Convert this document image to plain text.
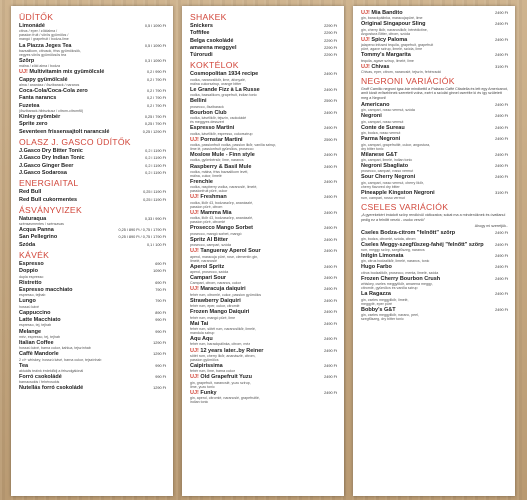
ÜDÍTŐK
Limonádé	0,5 l 1090 Ft
citrus / eper / zöldalma /
passion fruit / vörös gyümölcs /
mangó / grapefruit / bodza-lime
La Piazza Jeges Tea	0,5 l 1090 Ft
bazsalikom, citrusok, friss gyümölcsök,
vegyes vörös gyümölcsös tea
Szörp	0,3 l 1090 Ft
málna / zöld alma / bodza
ÚJ! Multivitamin mix gyümölcslé	0,2 l 990 Ft
Cappy gyümölcslé	0,2 l 790 Ft
alma / ananász / őszibarack / narancs
Coca-Cola/Coca-Cola zero	0,2 l 790 Ft
Fanta narancs	0,2 l 790 Ft
Fuzetea	0,2 l 790 Ft
(őszibarack-hibiszkusz / citrom-citromfű)
Kinley gyömbér	0,25 l 790 Ft
Sprite zero	0,25 l 790 Ft
Seventeen frissensajtolt narancslé	0,25 l 1290 Ft
OLASZ J. GASCO ÜDÍTŐK
J.Gasco Dry Bitter Tonic	0,2 l 1190 Ft
J.Gasco Dry Indian Tonic	0,2 l 1190 Ft
J.Gasco Ginger Beer	0,2 l 1190 Ft
J.Gasco Sodarosa	0,2 l 1190 Ft
ENERGIAITAL
Red Bull	0,25 l 1190 Ft
Red Bull cukormentes	0,25 l 1190 Ft
ÁSVÁNYVIZEK
Naturaqua	0,33 l 990 Ft
szénsavmentes / szénsavas
Acqua Panna	0,25 l 890 Ft / 0,75 l 1790 Ft
San Pellegrino	0,25 l 890 Ft / 0,75 l 1790 Ft
Szóda	0,1 l 100 Ft
KÁVÉK
Espresso	690 Ft
Doppio	1090 Ft
dupla espresso
Ristretto	690 Ft
Espresso macchiato	790 Ft
espresso, tejhab
Lungo	790 Ft
hosszú kávé
Cappuccino	890 Ft
Latte Macchiato	990 Ft
espresso, tej, tejhab
Melange	990 Ft
méz, espresso, tej, tejhab
Italian Coffee	1290 Ft
hosszú kávé, barna cukor, kahlua, tejszínhab
Caffè Mandorle	1290 Ft
2 cl+ whiskey, hosszú kávé, barna cukor, tejszínhab
Tea	990 Ft
aktuális teáink érdeklődj a felszolgálónál
Forró csokoládé	990 Ft
barnacsokis / fehércsokis
Nutellás forró csokoládé	1290 Ft
SHAKEK
Snickers	2290 Ft
Toffifee	2290 Ft
Belga csokoládé	2290 Ft
amarena meggyel	2290 Ft
Túrorudi	2290 Ft
KOKTÉLOK
Cosmopolitan 1934 recipe	2490 Ft
vodka, narancslikőr, lime, áfonyalé,
málna cukorszirup, orange bitter
Le Grande Fizz à La Russe	2490 Ft
vodka, bazsalikom, grapefruit, indian tonic
Bellini	2590 Ft
prosecco, őszibarack
Bourbon Club	2490 Ft
vodka, kávélikőr, tejszín, csokoládé
és meggyes desszert
Espresso Martini	2490 Ft
vodka, kávélikőr, espresso, cukorszirup
ÚJ! Pornstar Martini	2590 Ft
vodka, passionfruit vodka, passion likőr, vanília szirup,
lime lé, passionfruit gyümölcs, prosecco
Moslow Mule - Finn style	2490 Ft
vodka, gyömbérsör, lime, narancs
Raspberry & Basil Mule	2490 Ft
vodka, málna, friss bazsalikom levél,
málna, cukor, limelé
Frenchie	2490 Ft
vodka, raspberry vodka, narancslé, limelé,
passionfruit püré, cukor
ÚJ! Freshman	2490 Ft
vodka, likőr 43, bodzaszörp, ananászlé,
passion püré, citrom
ÚJ! Mamma Mia	2490 Ft
vodka, likőr 43, bodzaszörp, ananászlé,
passion püré, citromlé
Prosecco Mango Sorbet	2490 Ft
prosecco, mangó sorbet, mangó
Spritz Al Bitter	2490 Ft
prosecco, campari, szóda
ÚJ! Tangueray Aperol Sour	2490 Ft
aperol, maracuja püré, rose, clementin gin,
limelé, narancslé
Aperol Spritz	2490 Ft
aperol, prosecco, szóda
Campari Sour	2490 Ft
Campari, citrom, narancs, cukor
ÚJ! Maracuja daiquiri	2490 Ft
fehér rum, citromlé, cukor, passion gyümölcs
Strawberry Daiquiri	2490 Ft
fehér rum, eper, cukor, citromlé
Frozen Mango Daiquiri	2490 Ft
fehér rum, mangó püré, lime
Mai Tai	2490 Ft
fehér rum, sötét rum, narancslikőr, limelé,
mandula szirup
Aqu Aqu	2490 Ft
fehér rum, barackpálinka, citrom, méz
ÚJ! 12 years later..by Reiner	2490 Ft
sötét rum, cherry likőr, ananászlé, citrom,
passion gyümölcs
Caipirissima	2490 Ft
fehér rum, lime, barna cukor
ÚJ! Old Grapefruit Yuzu	2490 Ft
gin, grapefruit, narancslé, yuzu szirup,
lime, yuzu tonic
ÚJ! Funky	2490 Ft
gin, aperol, citromlé, narancslé, grapefruitlé,
indian tonic
ÚJ! Mia Bandito	2490 Ft
gin, barackpálinka, maracujapüré, lime
Original Singapour Sling	2490 Ft
gin, cherry likőr, narancslikőr, bénédictine,
Angostura Bitter, citrom, szóda
ÚJ! Spicy Paloma	2490 Ft
jalapeno infused tequila, grapefruit, grapefruit
püré, agave szirup, limelé, szóda, lime
Tommy's Margarita	2490 Ft
tequila, agave szirup, limelé, lime
ÚJ! Chivas	3190 Ft
Chivas, eper, citrom, narancslé, tejszín, fehércsoki
NEGRONI VARIÁCIÓK
Groff Camillo negroni igaz-bár mindkettő a Palazzo Caffè Citadella és lett egy Americanot, amit kicsit erősebbnek szeretett volna, ezért a szódát ginnel cserélte ki és így született meg a Negroni!
Americano	2490 Ft
gin, campari, rosso vermut, szóda
Negroni	2490 Ft
gin, campari, rosso vermut
Conte de Sureau	2490 Ft
gin, bodza, rosso vermut
Parma Negroni	2490 Ft
gin, campari, grapefruitlé, cukor, angostura,
dry bitter tonic
Milanese G&T	2490 Ft
gin, campari, limelé, indian tonic
Negroni Sbagliato	2490 Ft
prosecco, campari, rosso vermut
Sour Cherry Negroni	2490 Ft
gin, campari, rosso vermut, cherry likőr,
cherry flavored dry bitter
Pineapple Kingston Negroni	3190 Ft
rum, campari, rosso vermut
CSELES VARIÁCIÓK
„A gyerekekért imádott szörp rendkívül változatos; sokat ma a mindenüknek és óvatlanul pedig ez a felnőtt verzió - csoko verzió”
Ahogy mi szeretjük..
Cseles Bodza-citrom "felnőtt" szörp	2490 Ft
gin, bodza, citromlé, szóda, citrom
Cseles Meggy-szegfűszeg-fahéj "felnőtt" szörp	2490 Ft
rum, meggy szörp, szegfűszeg, narancs
Initgin Limonata	2490 Ft
gin, citrus bodzalikőr, limelé, narancs, tonic
Hugo Farbo	2490 Ft
citrus bodzalikőr, prosecco, menta, limelé, szóda
Frozen Cherry Bourbon Crush	2490 Ft
whiskey, cseles meggylikőr, amarena meggy,
citromlé, gyümölcs és vanília szirup
La Ragazza	2490 Ft
gin, cseles meggylikőr, limelé,
meggylé, eper püré
Bobby's G&T	2490 Ft
gin, cseles meggylikőr, naranc, peel,
szegfűszeg, dry bitter tonic
